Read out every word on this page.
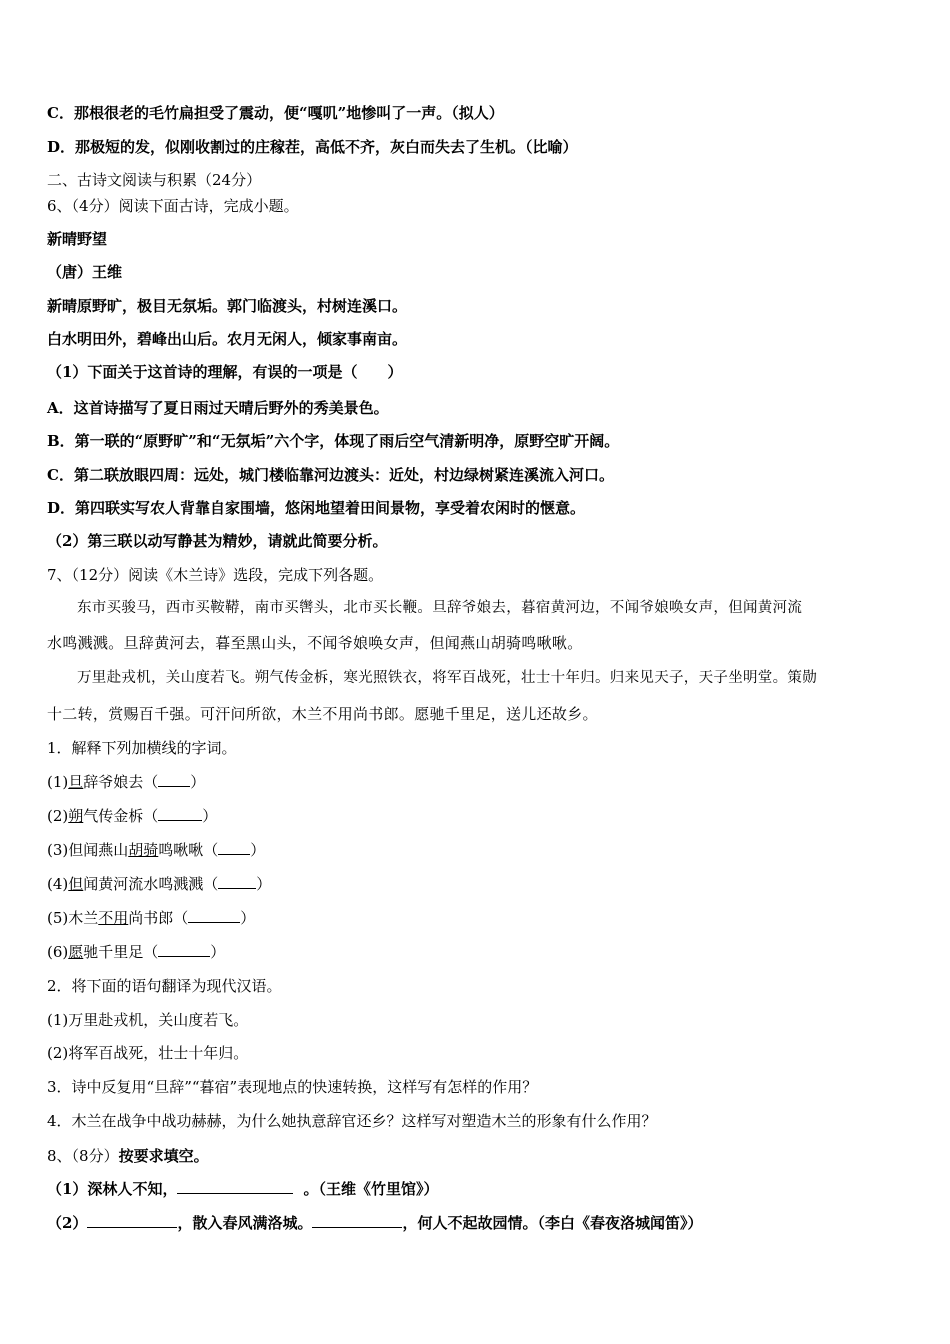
C．那根很老的毛竹扁担受了震动，便“嘎叽”地惨叫了一声。（拟人）
D．那极短的发，似刚收割过的庄稼茬，高低不齐，灰白而失去了生机。（比喻）
二、古诗文阅读与积累（24分）
6、（4分）阅读下面古诗，完成小题。
新晴野望
（唐）王维
新晴原野旷，极目无氛垢。郭门临渡头，村树连溪口。
白水明田外，碧峰出山后。农月无闲人，倾家事南亩。
（1）下面关于这首诗的理解，有误的一项是（　　）
A．这首诗描写了夏日雨过天晴后野外的秀美景色。
B．第一联的“原野旷”和“无氛垢”六个字，体现了雨后空气清新明净，原野空旷开阔。
C．第二联放眼四周：远处，城门楼临靠河边渡头：近处，村边绿树紧连溪流入河口。
D．第四联实写农人背靠自家围墙，悠闲地望着田间景物，享受着农闲时的惬意。
（2）第三联以动写静甚为精妙，请就此简要分析。
7、（12分）阅读《木兰诗》选段，完成下列各题。
东市买骏马，西市买鞍鞯，南市买辔头，北市买长鞭。旦辞爷娘去，暮宿黄河边，不闻爷娘唤女声，但闻黄河流
水鸣溅溅。旦辞黄河去，暮至黑山头，不闻爷娘唤女声，但闻燕山胡骑鸣啾啾。
万里赴戎机，关山度若飞。朔气传金柝，寒光照铁衣，将军百战死，壮士十年归。归来见天子，天子坐明堂。策勋
十二转，赏赐百千强。可汗问所欲，木兰不用尚书郎。愿驰千里足，送儿还故乡。
1．解释下列加横线的字词。
(1)旦辞爷娘去（ ）
(2)朔气传金柝（	）
(3)但闻燕山胡骑鸣啾啾（ ）
(4)但闻黄河流水鸣溅溅（	）
(5)木兰不用尚书郎（	）
(6)愿驰千里足（	）
2．将下面的语句翻译为现代汉语。
(1)万里赴戎机，关山度若飞。
(2)将军百战死，壮士十年归。
3．诗中反复用“旦辞”“暮宿”表现地点的快速转换，这样写有怎样的作用？
4．木兰在战争中战功赫赫，为什么她执意辞官还乡？这样写对塑造木兰的形象有什么作用？
8、（8分）按要求填空。
（1）深林人不知，	。（王维《竹里馆》）
（2）	，散入春风满洛城。	，何人不起故园情。（李白《春夜洛城闻笛》）
